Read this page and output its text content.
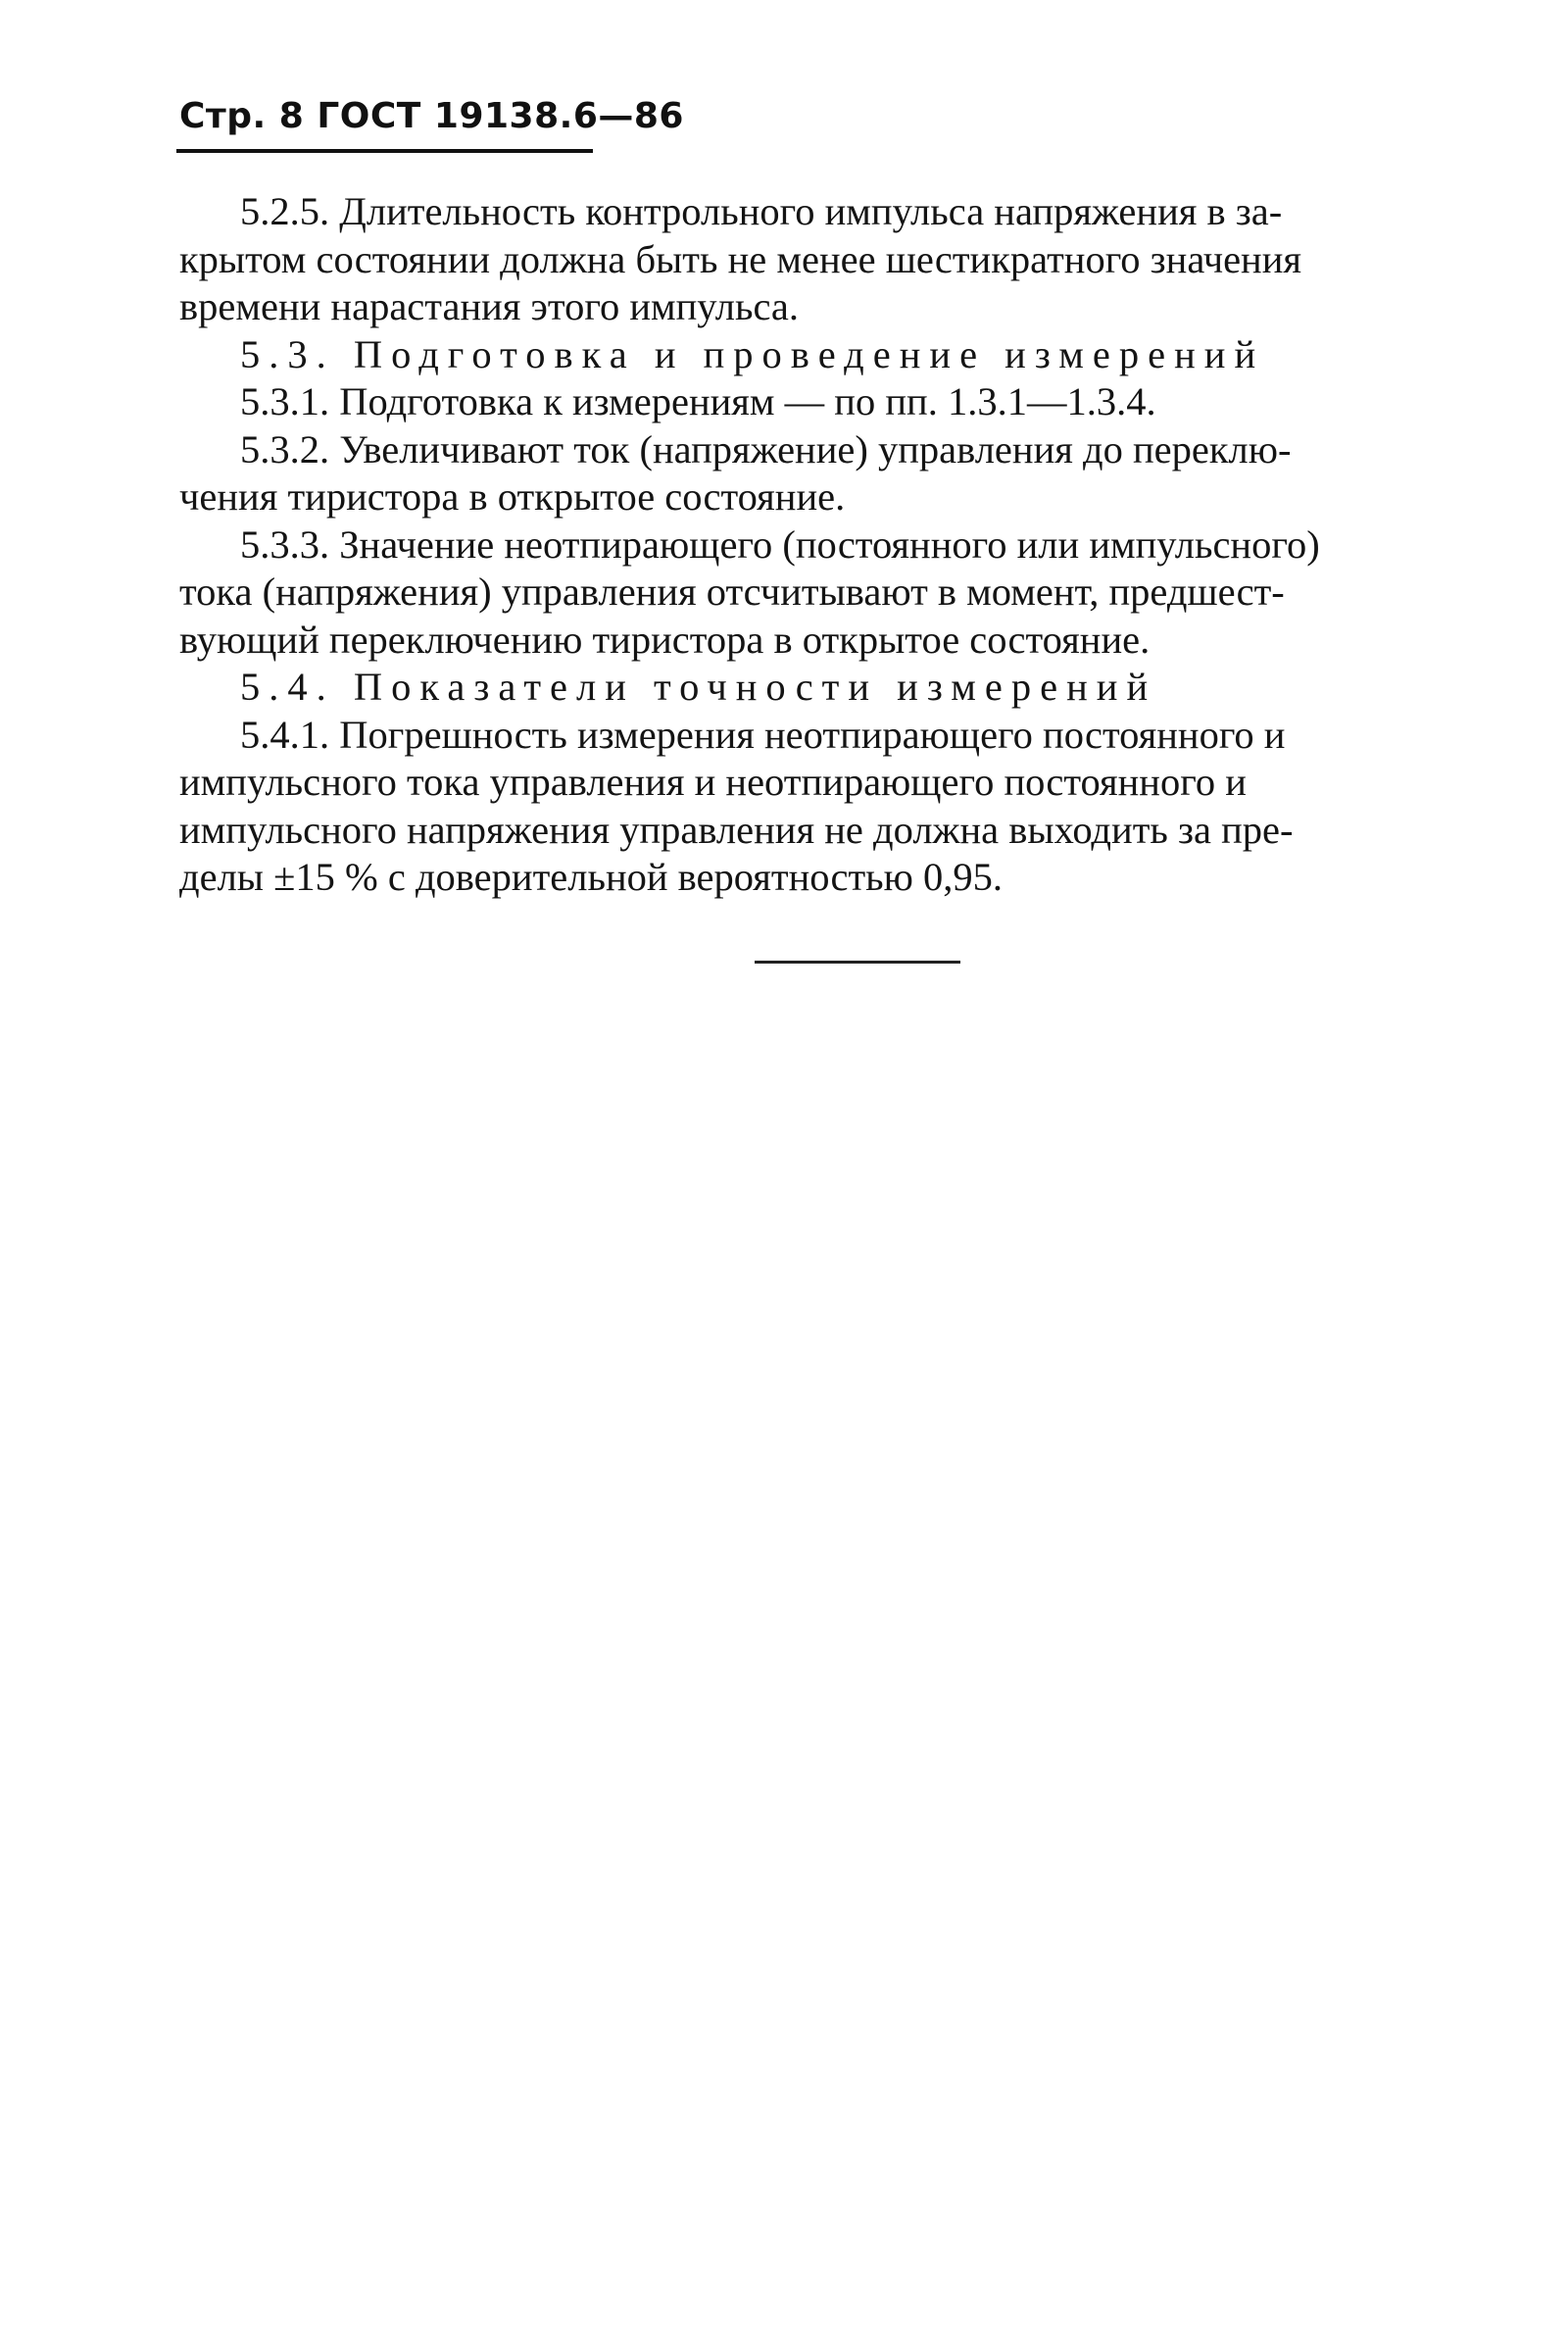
Стр. 8 ГОСТ 19138.6—86
5.2.5. Длительность контрольного импульса напряжения в за-
крытом состоянии должна быть не менее шестикратного значения
времени нарастания этого импульса.
5.3. Подготовка и проведение измерений
5.3.1. Подготовка к измерениям — по пп. 1.3.1—1.3.4.
5.3.2. Увеличивают ток (напряжение) управления до переклю-
чения тиристора в открытое состояние.
5.3.3. Значение неотпирающего (постоянного или импульсного)
тока (напряжения) управления отсчитывают в момент, предшест-
вующий переключению тиристора в открытое состояние.
5.4. Показатели точности измерений
5.4.1. Погрешность измерения неотпирающего постоянного и
импульсного тока управления и неотпирающего постоянного и
импульсного напряжения управления не должна выходить за пре-
делы ±15 % с доверительной вероятностью 0,95.
